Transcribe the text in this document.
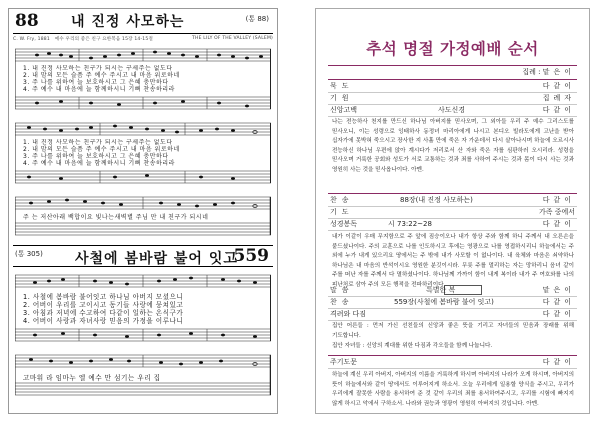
88 내 진정 사모하는	(통 88)
C. W. Fry, 1881 예수 우리의 좋은 친구 요한복음 15장 14-15절	THE LILY OF THE VALLEY (SALEM)
1. 내 진정 사모하는 친구가 되시는 구세주는 없도다
2. 내 맘의 모든 슬픔 주 예수 주시고 내 마음 위로하네
3. 주 나를 위하여 늘 보호하시고 그 은혜 충만하다
4. 주 예수 내 마음에 늘 함께하시니 기뻐 찬송하리라
1. 내 진정 사모하는 친구가 되시는 구세주는 없도다
2. 내 맘의 모든 슬픔 주 예수 주시고 내 마음 위로하네
3. 주 나를 위하여 늘 보호하시고 그 은혜 충만하다
4. 주 예수 내 마음에 늘 함께하시니 기뻐 찬송하리라
주 는 저산아래 백합이요 빛나는새벽별 주님 만 내 친구가 되시네
(통 305) 사철에 봄바람 불어 잇고
559
1. 사철에 봄바람 불어잇고 하나님 아버지 모셨으니
2. 어버이 우리를 고이시고 동기들 사랑에 뭉쳐있고
3. 아침과 저녁에 수고하여 다같이 일하는 온식구가
4. 어버이 사랑과 자녀사랑 믿음의 가정을 이루나니
고마워 라 임마누 엘 예수 만 섬기는 우리 집
추석 명절 가정예배 순서
집례 : 맡은이
묵도	다같이
기원	집례자
신앙고백	사도신경	다같이
나는 전능하사 천지를 만드신 하나님 아버지를 믿사오며, 그 외아들 우리 주 예수 그리스도를 믿사오니, 이는 성령으로 잉태하사 동정녀 마리아에게 나시고 본디오 빌라도에게 고난을 받아 십자가에 못박혀 죽으시고 장사한 지 사흘 만에 죽은 자 가운데서 다시 살아나시며 하늘에 오르시사 전능하신 하나님 우편에 앉아 계시다가 저리로서 산 자와 죽은 자를 심판하러 오시리라. 성령을 믿사오며 거룩한 공회와 성도가 서로 교통하는 것과 죄를 사하여 주시는 것과 몸이 다시 사는 것과 영원히 사는 것을 믿사옵나이다. 아멘.
찬송	88장(내 진정 사모하는)	다같이
기도	가족 중에서
성경봉독	시 73:22~28	다같이
내가 이같이 우매 무지함으로 주 앞에 짐승이오나 내가 항상 주와 함께 하니 주께서 내 오른손을 붙드셨나이다. 주의 교훈으로 나를 인도하시고 후에는 영광으로 나를 영접하시리니 하늘에서는 주 외에 누가 내게 있으리요 땅에서는 주 밖에 내가 사모할 이 없나이다. 내 육체와 마음은 쇠약하나 하나님은 내 마음의 반석이시요 영원한 분깃이시라. 무릇 주를 멀리하는 자는 망하리니 음녀 같이 주를 떠난 자를 주께서 다 멸하셨나이다. 하나님께 가까이 함이 내게 복이라 내가 주 여호와를 나의 피난처로 삼아 주의 모든 행적을 전파하리이다.
말씀	특별한 복	맡은이
찬송	559장(사철에 봄바람 불어 잇고)	다같이
격려와 다짐	다같이
집안 어른들 : 먼저 가신 선친들의 신앙과 좋은 뜻을 기리고 자녀들의 믿음과 장래를 위해 기도합니다.
집안 자녀들 : 신앙의 계대를 위한 다짐과 각오들을 함께 나눕니다.
주기도문	다같이
하늘에 계신 우리 아버지, 아버지의 이름을 거룩하게 하시며 아버지의 나라가 오게 하시며, 아버지의 뜻이 하늘에서와 같이 땅에서도 이루어지게 하소서. 오늘 우리에게 일용할 양식을 주시고, 우리가 우리에게 잘못한 사람을 용서하여 준 것 같이 우리의 죄를 용서하여주시고, 우리를 시험에 빠지지 않게 하시고 악에서 구하소서. 나라와 권능과 영광이 영원히 아버지의 것입니다. 아멘.
